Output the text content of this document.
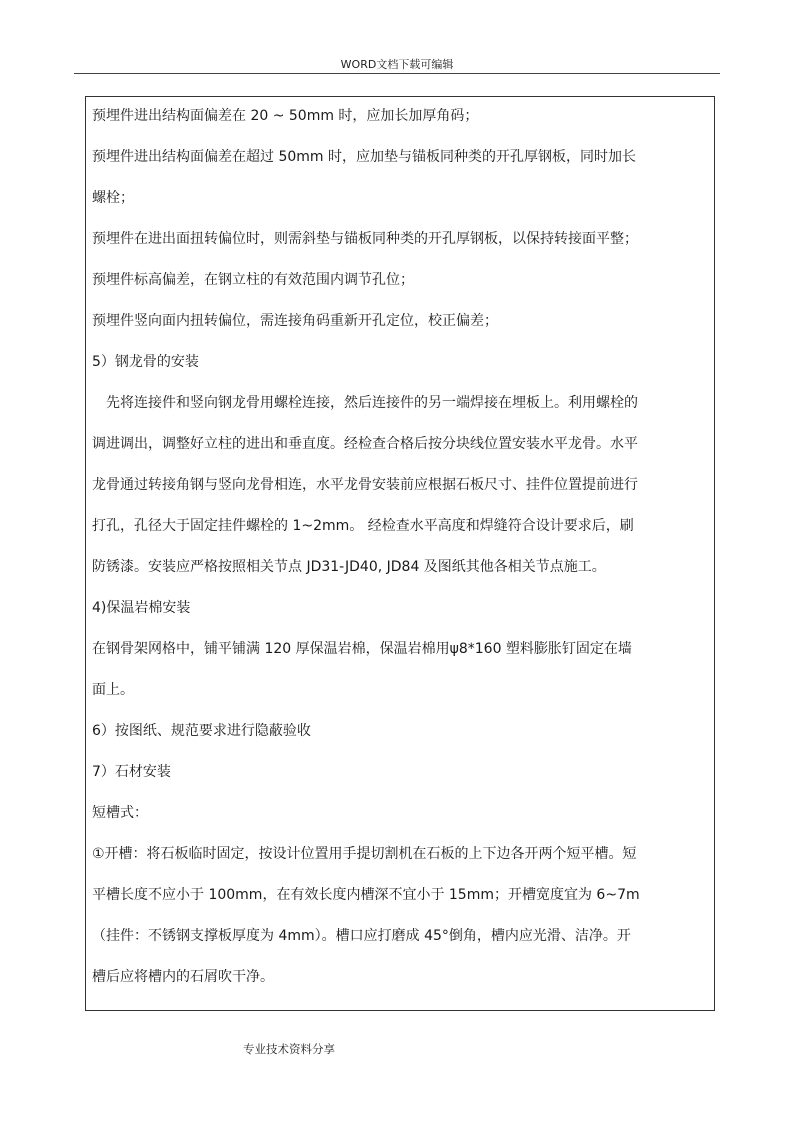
WORD文档下载可编辑
预埋件进出结构面偏差在 20 ~ 50mm 时，应加长加厚角码；
预埋件进出结构面偏差在超过 50mm 时，应加垫与锚板同种类的开孔厚钢板，同时加长
螺栓；
预埋件在进出面扭转偏位时，则需斜垫与锚板同种类的开孔厚钢板，以保持转接面平整；
预埋件标高偏差，在钢立柱的有效范围内调节孔位；
预埋件竖向面内扭转偏位，需连接角码重新开孔定位，校正偏差；
5）钢龙骨的安装
　先将连接件和竖向钢龙骨用螺栓连接，然后连接件的另一端焊接在埋板上。利用螺栓的
调进调出，调整好立柱的进出和垂直度。经检查合格后按分块线位置安装水平龙骨。水平
龙骨通过转接角钢与竖向龙骨相连，水平龙骨安装前应根据石板尺寸、挂件位置提前进行
打孔，孔径大于固定挂件螺栓的 1~2mm。 经检查水平高度和焊缝符合设计要求后，刷
防锈漆。安装应严格按照相关节点 JD31-JD40, JD84 及图纸其他各相关节点施工。
4)保温岩棉安装
在钢骨架网格中，铺平铺满 120 厚保温岩棉，保温岩棉用ψ8*160 塑料膨胀钉固定在墙
面上。
6）按图纸、规范要求进行隐蔽验收
7）石材安装
短槽式：
①开槽：将石板临时固定，按设计位置用手提切割机在石板的上下边各开两个短平槽。短
平槽长度不应小于 100mm，在有效长度内槽深不宜小于 15mm；开槽宽度宜为 6~7m
（挂件：不锈钢支撑板厚度为 4mm）。槽口应打磨成 45°倒角，槽内应光滑、洁净。开
槽后应将槽内的石屑吹干净。
专业技术资料分享
